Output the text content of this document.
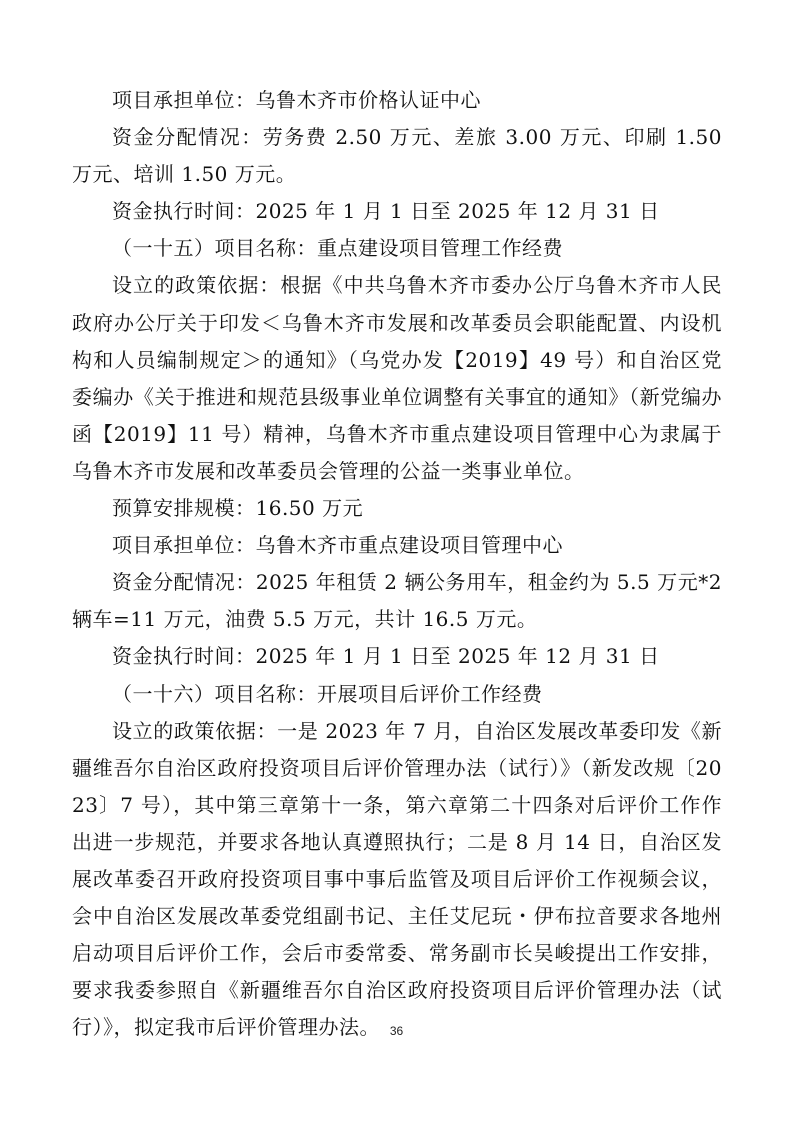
项目承担单位：乌鲁木齐市价格认证中心

资金分配情况：劳务费 2.50 万元、差旅 3.00 万元、印刷 1.50 万元、培训 1.50 万元。

资金执行时间：2025 年 1 月 1 日至 2025 年 12 月 31 日

（一十五）项目名称：重点建设项目管理工作经费

设立的政策依据：根据《中共乌鲁木齐市委办公厅乌鲁木齐市人民政府办公厅关于印发＜乌鲁木齐市发展和改革委员会职能配置、内设机构和人员编制规定＞的通知》（乌党办发【2019】49 号）和自治区党委编办《关于推进和规范县级事业单位调整有关事宜的通知》（新党编办函【2019】11 号）精神，乌鲁木齐市重点建设项目管理中心为隶属于乌鲁木齐市发展和改革委员会管理的公益一类事业单位。

预算安排规模：16.50 万元

项目承担单位：乌鲁木齐市重点建设项目管理中心

资金分配情况：2025 年租赁 2 辆公务用车，租金约为 5.5 万元*2 辆车=11 万元，油费 5.5 万元，共计 16.5 万元。

资金执行时间：2025 年 1 月 1 日至 2025 年 12 月 31 日

（一十六）项目名称：开展项目后评价工作经费

设立的政策依据：一是 2023 年 7 月，自治区发展改革委印发《新疆维吾尔自治区政府投资项目后评价管理办法（试行）》（新发改规〔2023〕7 号），其中第三章第十一条，第六章第二十四条对后评价工作作出进一步规范，并要求各地认真遵照执行；二是 8 月 14 日，自治区发展改革委召开政府投资项目事中事后监管及项目后评价工作视频会议，会中自治区发展改革委党组副书记、主任艾尼玩・伊布拉音要求各地州启动项目后评价工作，会后市委常委、常务副市长吴峻提出工作安排，要求我委参照自《新疆维吾尔自治区政府投资项目后评价管理办法（试行）》，拟定我市后评价管理办法。 36
